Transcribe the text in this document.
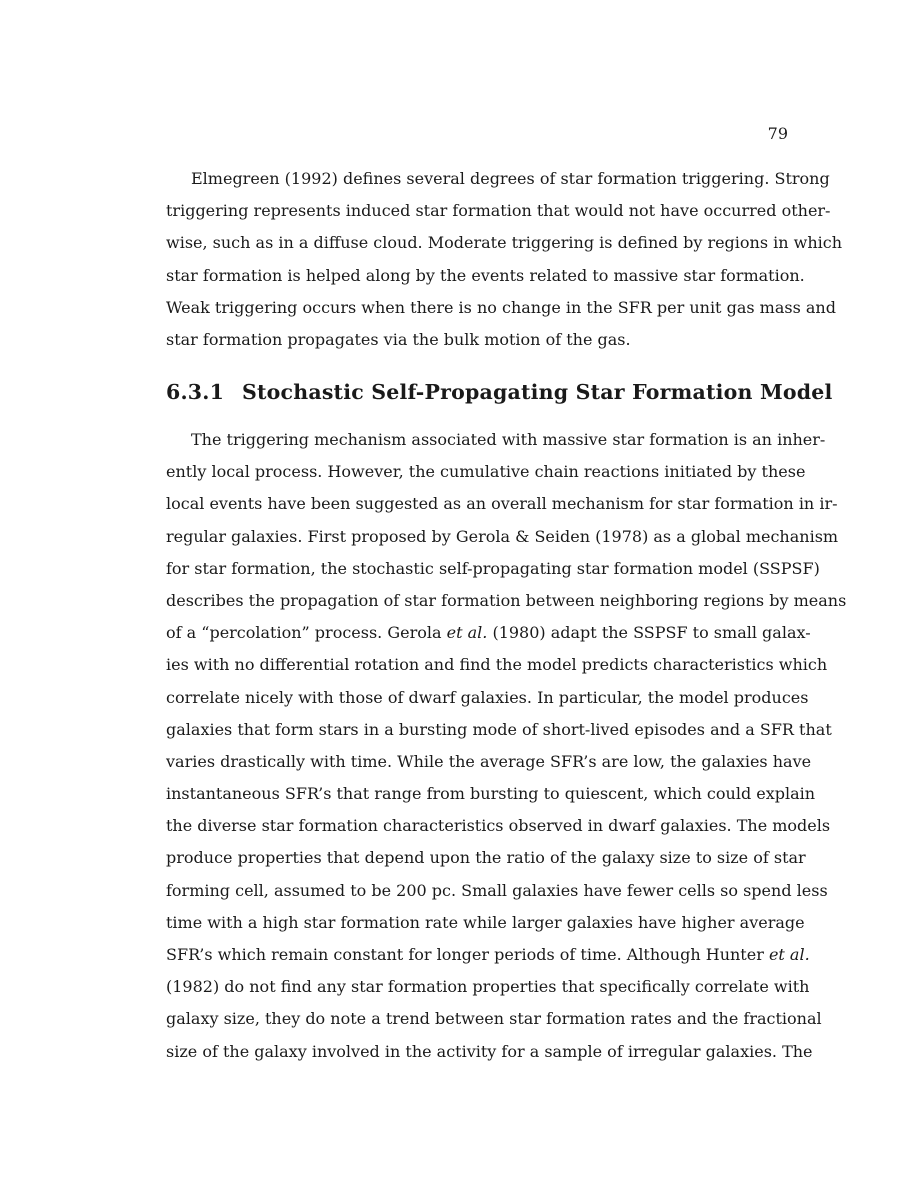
79
Elmegreen (1992) defines several degrees of star formation triggering. Strong
triggering represents induced star formation that would not have occurred other-
wise, such as in a diffuse cloud. Moderate triggering is defined by regions in which
star formation is helped along by the events related to massive star formation.
Weak triggering occurs when there is no change in the SFR per unit gas mass and
star formation propagates via the bulk motion of the gas.
6.3.1 Stochastic Self-Propagating Star Formation Model
The triggering mechanism associated with massive star formation is an inher-
ently local process. However, the cumulative chain reactions initiated by these
local events have been suggested as an overall mechanism for star formation in ir-
regular galaxies. First proposed by Gerola & Seiden (1978) as a global mechanism
for star formation, the stochastic self-propagating star formation model (SSPSF)
describes the propagation of star formation between neighboring regions by means
of a “percolation” process. Gerola et al. (1980) adapt the SSPSF to small galax-
ies with no differential rotation and find the model predicts characteristics which
correlate nicely with those of dwarf galaxies. In particular, the model produces
galaxies that form stars in a bursting mode of short-lived episodes and a SFR that
varies drastically with time. While the average SFR’s are low, the galaxies have
instantaneous SFR’s that range from bursting to quiescent, which could explain
the diverse star formation characteristics observed in dwarf galaxies. The models
produce properties that depend upon the ratio of the galaxy size to size of star
forming cell, assumed to be 200 pc. Small galaxies have fewer cells so spend less
time with a high star formation rate while larger galaxies have higher average
SFR’s which remain constant for longer periods of time. Although Hunter et al.
(1982) do not find any star formation properties that specifically correlate with
galaxy size, they do note a trend between star formation rates and the fractional
size of the galaxy involved in the activity for a sample of irregular galaxies. The
